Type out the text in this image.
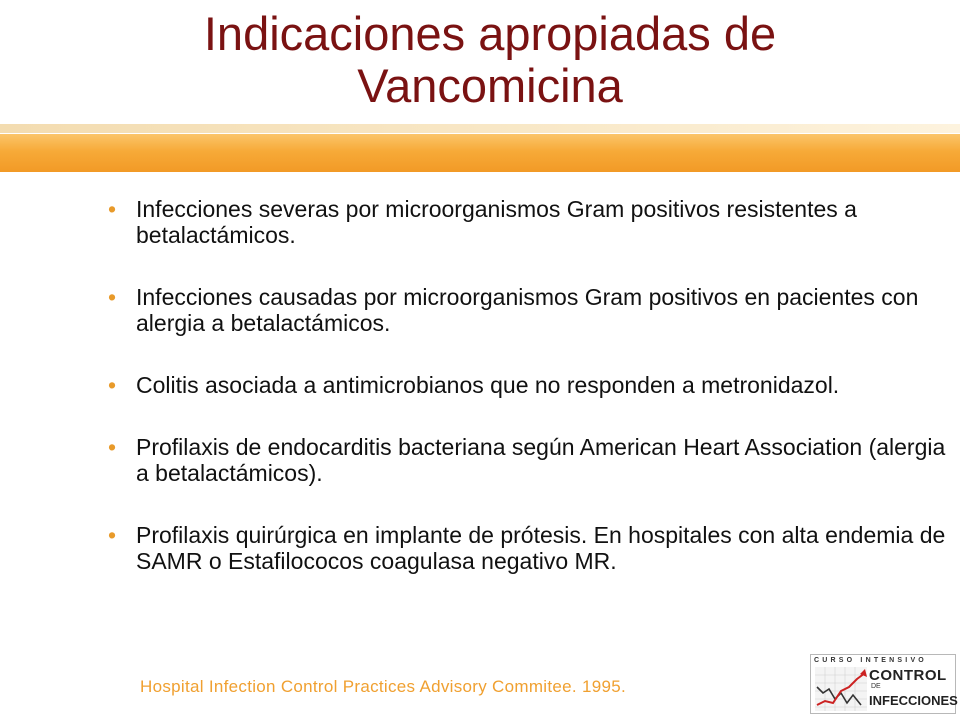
Indicaciones apropiadas de Vancomicina
• Infecciones severas por microorganismos Gram positivos resistentes a betalactámicos.
• Infecciones causadas por microorganismos Gram positivos en pacientes con alergia a betalactámicos.
• Colitis asociada a antimicrobianos que no responden a metronidazol.
• Profilaxis de endocarditis bacteriana según American Heart Association (alergia a betalactámicos).
• Profilaxis quirúrgica en implante de prótesis. En hospitales con alta endemia de SAMR o Estafilococos coagulasa negativo MR.
Hospital Infection Control Practices Advisory Commitee. 1995.
CURSO INTENSIVO
CONTROL
DE
INFECCIONES
